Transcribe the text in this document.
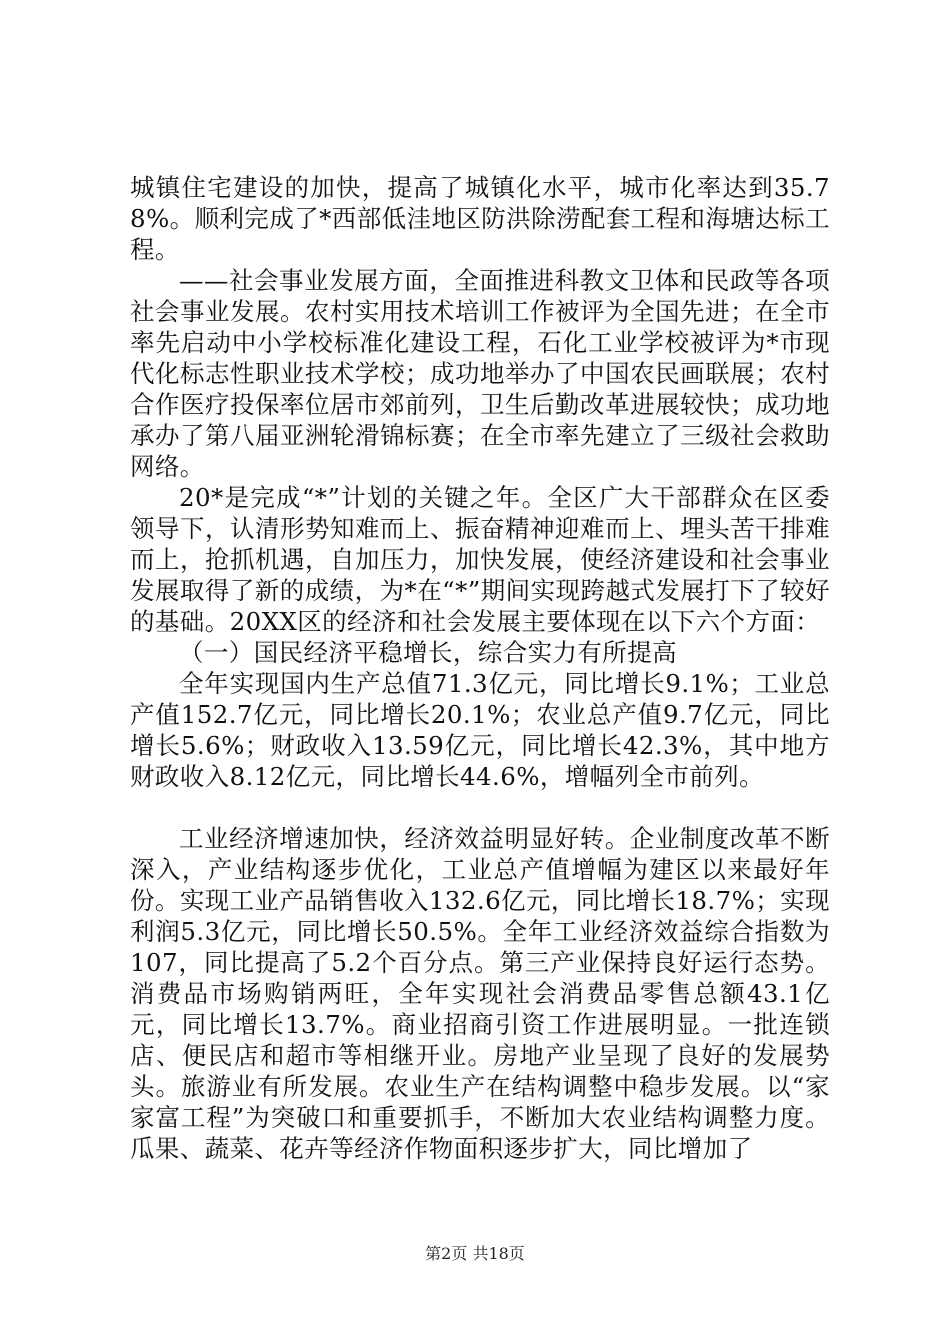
城镇住宅建设的加快，提高了城镇化水平，城市化率达到35.78%。顺利完成了*西部低洼地区防洪除涝配套工程和海塘达标工程。

——社会事业发展方面，全面推进科教文卫体和民政等各项社会事业发展。农村实用技术培训工作被评为全国先进；在全市率先启动中小学校标准化建设工程，石化工业学校被评为*市现代化标志性职业技术学校；成功地举办了中国农民画联展；农村合作医疗投保率位居市郊前列，卫生后勤改革进展较快；成功地承办了第八届亚洲轮滑锦标赛；在全市率先建立了三级社会救助网络。

20*是完成“*”计划的关键之年。全区广大干部群众在区委领导下，认清形势知难而上、振奋精神迎难而上、埋头苦干排难而上，抢抓机遇，自加压力，加快发展，使经济建设和社会事业发展取得了新的成绩，为*在“*”期间实现跨越式发展打下了较好的基础。20XX区的经济和社会发展主要体现在以下六个方面：

（一）国民经济平稳增长，综合实力有所提高

全年实现国内生产总值71.3亿元，同比增长9.1%；工业总产值152.7亿元，同比增长20.1%；农业总产值9.7亿元，同比增长5.6%；财政收入13.59亿元，同比增长42.3%，其中地方财政收入8.12亿元，同比增长44.6%，增幅列全市前列。

工业经济增速加快，经济效益明显好转。企业制度改革不断深入，产业结构逐步优化，工业总产值增幅为建区以来最好年份。实现工业产品销售收入132.6亿元，同比增长18.7%；实现利润5.3亿元，同比增长50.5%。全年工业经济效益综合指数为107，同比提高了5.2个百分点。第三产业保持良好运行态势。消费品市场购销两旺，全年实现社会消费品零售总额43.1亿元，同比增长13.7%。商业招商引资工作进展明显。一批连锁店、便民店和超市等相继开业。房地产业呈现了良好的发展势头。旅游业有所发展。农业生产在结构调整中稳步发展。以“家家富工程”为突破口和重要抓手，不断加大农业结构调整力度。瓜果、蔬菜、花卉等经济作物面积逐步扩大，同比增加了

第2页 共18页
